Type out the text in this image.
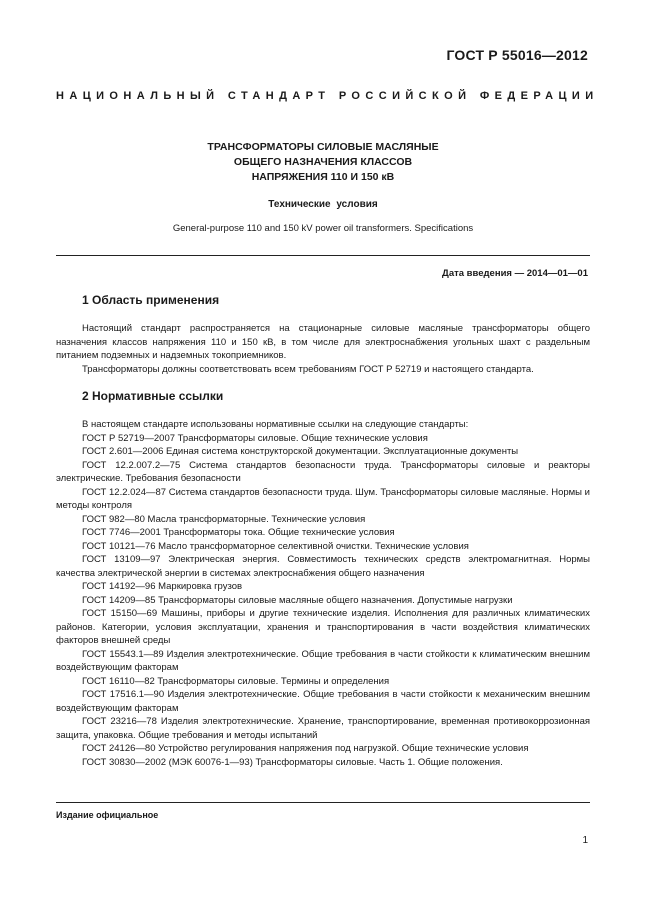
ГОСТ Р 55016—2012
НАЦИОНАЛЬНЫЙ СТАНДАРТ РОССИЙСКОЙ ФЕДЕРАЦИИ
ТРАНСФОРМАТОРЫ СИЛОВЫЕ МАСЛЯНЫЕ
ОБЩЕГО НАЗНАЧЕНИЯ КЛАССОВ
НАПРЯЖЕНИЯ 110 И 150 кВ
Технические условия
General-purpose 110 and 150 kV power oil transformers. Specifications
Дата введения — 2014—01—01
1 Область применения

Настоящий стандарт распространяется на стационарные силовые масляные трансформаторы общего назначения классов напряжения 110 и 150 кВ, в том числе для электроснабжения угольных шахт с раздельным питанием подземных и надземных токоприемников.

Трансформаторы должны соответствовать всем требованиям ГОСТ Р 52719 и настоящего стандарта.

2 Нормативные ссылки

В настоящем стандарте использованы нормативные ссылки на следующие стандарты:

ГОСТ Р 52719—2007 Трансформаторы силовые. Общие технические условия

ГОСТ 2.601—2006 Единая система конструкторской документации. Эксплуатационные документы

ГОСТ 12.2.007.2—75 Система стандартов безопасности труда. Трансформаторы силовые и реакторы электрические. Требования безопасности

ГОСТ 12.2.024—87 Система стандартов безопасности труда. Шум. Трансформаторы силовые масляные. Нормы и методы контроля

ГОСТ 982—80 Масла трансформаторные. Технические условия

ГОСТ 7746—2001 Трансформаторы тока. Общие технические условия

ГОСТ 10121—76 Масло трансформаторное селективной очистки. Технические условия

ГОСТ 13109—97 Электрическая энергия. Совместимость технических средств электромагнитная. Нормы качества электрической энергии в системах электроснабжения общего назначения

ГОСТ 14192—96 Маркировка грузов

ГОСТ 14209—85 Трансформаторы силовые масляные общего назначения. Допустимые нагрузки

ГОСТ 15150—69 Машины, приборы и другие технические изделия. Исполнения для различных климатических районов. Категории, условия эксплуатации, хранения и транспортирования в части воздействия климатических факторов внешней среды

ГОСТ 15543.1—89 Изделия электротехнические. Общие требования в части стойкости к климатическим внешним воздействующим факторам

ГОСТ 16110—82 Трансформаторы силовые. Термины и определения

ГОСТ 17516.1—90 Изделия электротехнические. Общие требования в части стойкости к механическим внешним воздействующим факторам

ГОСТ 23216—78 Изделия электротехнические. Хранение, транспортирование, временная противокоррозионная защита, упаковка. Общие требования и методы испытаний

ГОСТ 24126—80 Устройство регулирования напряжения под нагрузкой. Общие технические условия

ГОСТ 30830—2002 (МЭК 60076-1—93) Трансформаторы силовые. Часть 1. Общие положения.

Издание официальное
1
